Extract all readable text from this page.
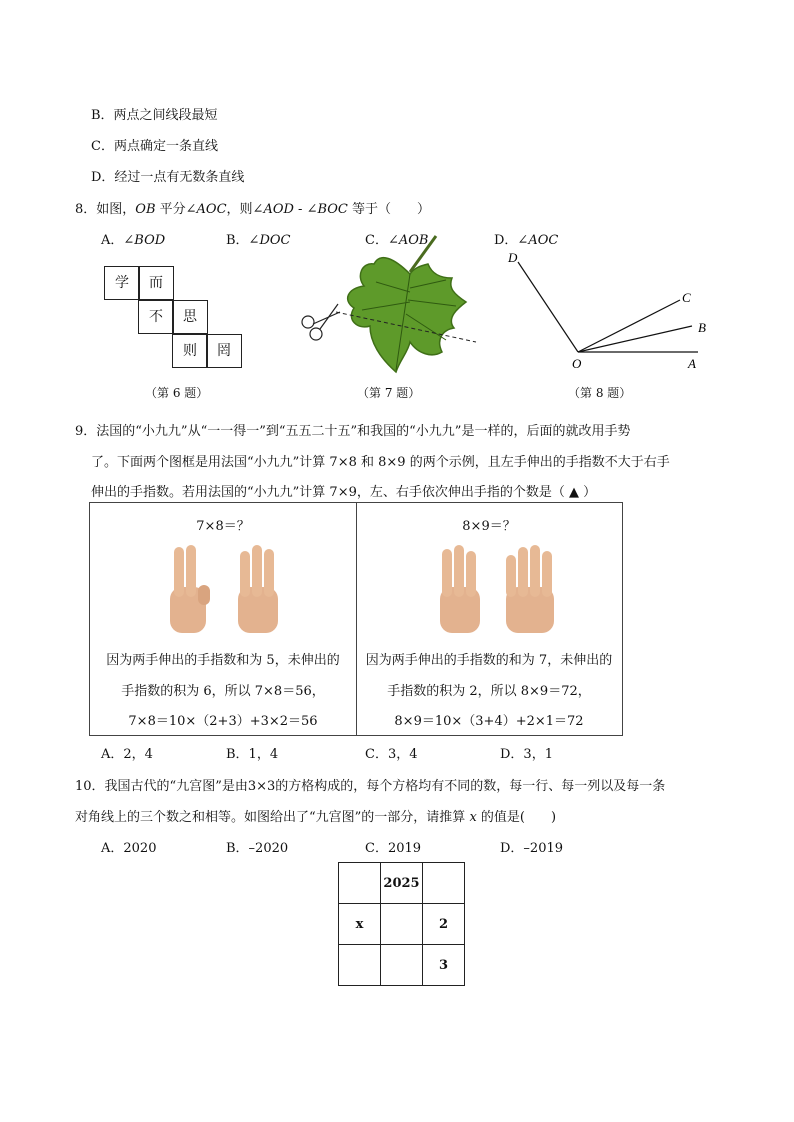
B．两点之间线段最短
C．两点确定一条直线
D．经过一点有无数条直线
8．如图，OB 平分∠AOC，则∠AOD - ∠BOC 等于（　　）
A．∠BOD	B．∠DOC	C．∠AOB	D．∠AOC
学	而
不	思
则	罔
（第 6 题）	（第 7 题）
D
C
B
O	A
（第 8 题）
9．法国的“小九九”从“一一得一”到“五五二十五”和我国的“小九九”是一样的，后面的就改用手势
了。下面两个图框是用法国“小九九”计算 7×8 和 8×9 的两个示例，且左手伸出的手指数不大于右手
伸出的手指数。若用法国的“小九九”计算 7×9，左、右手依次伸出手指的个数是（ ▲ ）
7×8＝？
因为两手伸出的手指数和为 5，未伸出的
手指数的积为 6，所以 7×8＝56，
7×8＝10×（2+3）+3×2＝56
8×9＝？
因为两手伸出的手指数的和为 7，未伸出的
手指数的积为 2，所以 8×9＝72，
8×9＝10×（3+4）+2×1＝72
A．2，4	B．1，4	C．3，4	D．3，1
10．我国古代的“九宫图”是由3×3的方格构成的，每个方格均有不同的数，每一行、每一列以及每一条
对角线上的三个数之和相等。如图给出了“九宫图”的一部分，请推算 x 的值是(　　)
A．2020	B．–2020	C．2019	D．–2019
	2025	
x		2
		3
